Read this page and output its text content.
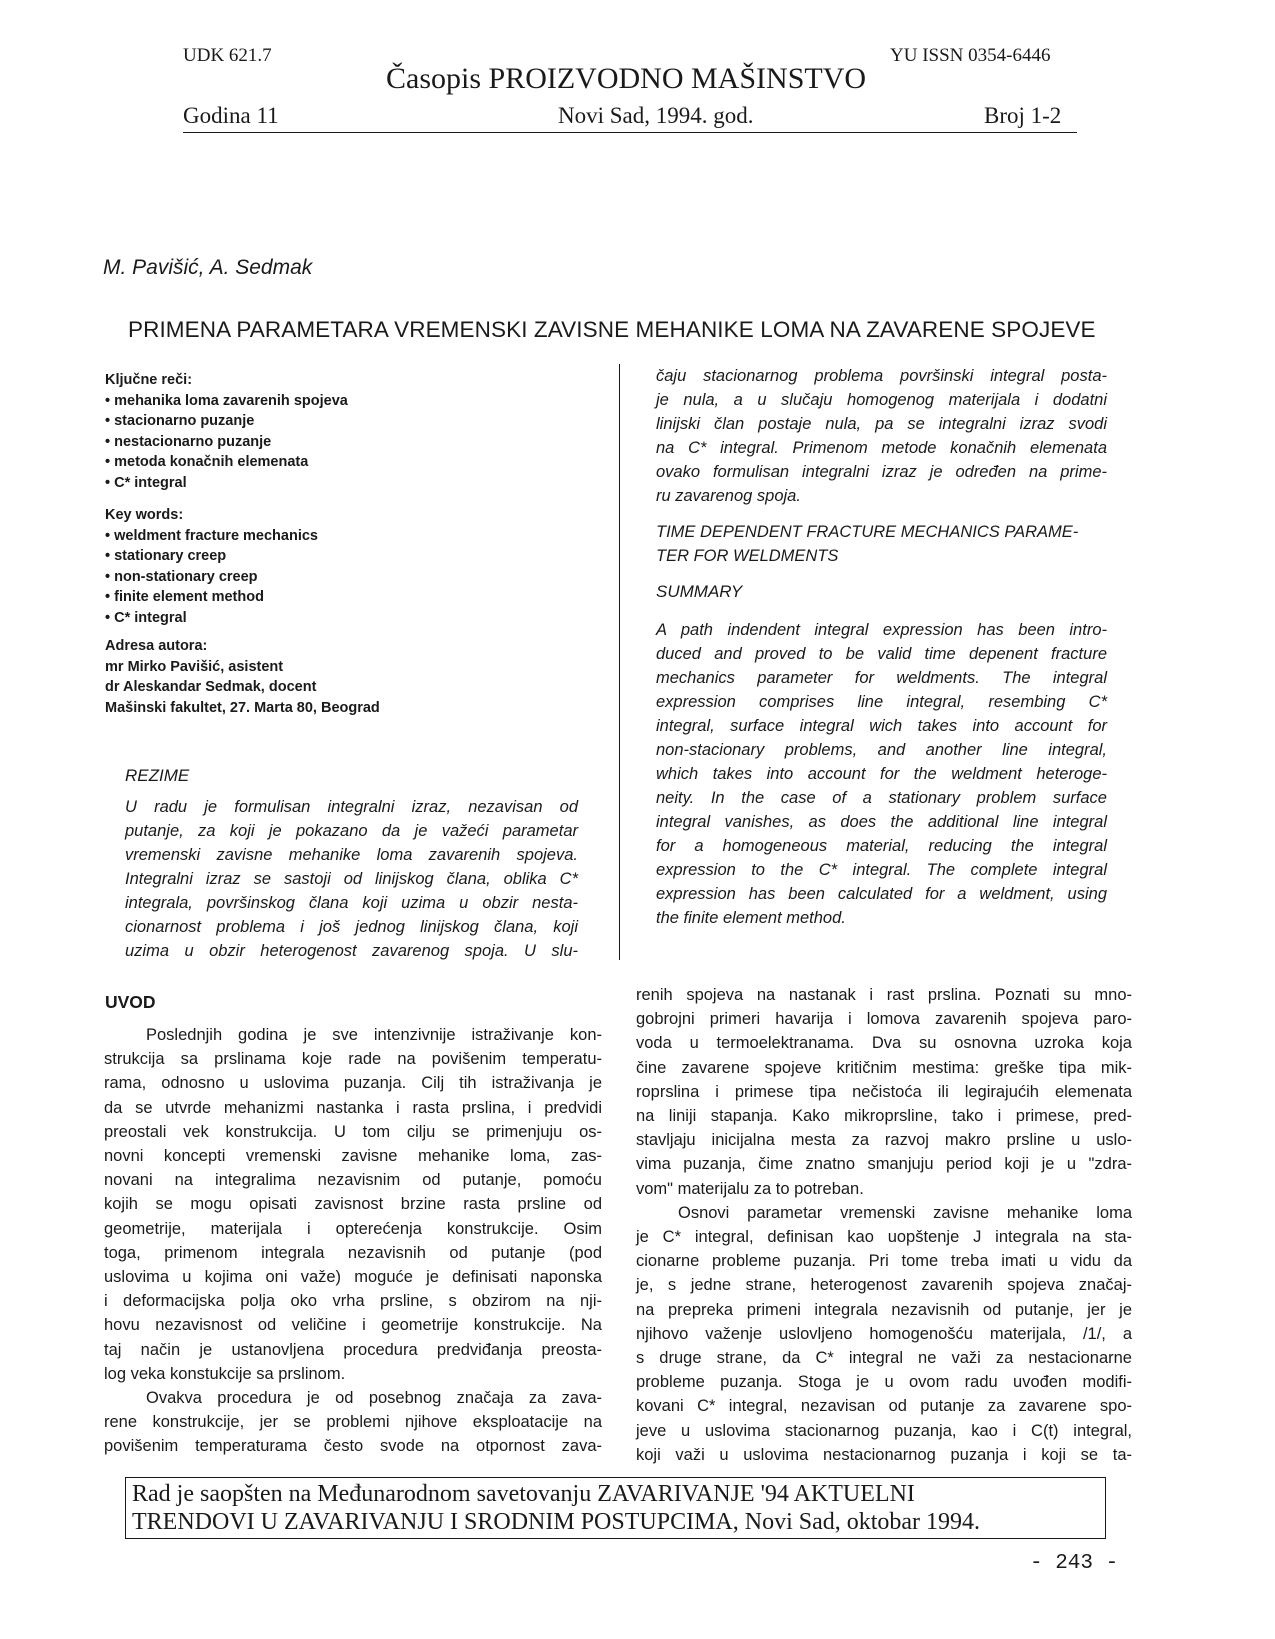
UDK 621.7	YU ISSN 0354-6446
Časopis PROIZVODNO MAŠINSTVO
Godina 11	Novi Sad, 1994. god.	Broj 1-2
M. Pavišić, A. Sedmak
PRIMENA PARAMETARA VREMENSKI ZAVISNE MEHANIKE LOMA NA ZAVARENE SPOJEVE
Ključne reči:
• mehanika loma zavarenih spojeva
• stacionarno puzanje
• nestacionarno puzanje
• metoda konačnih elemenata
• C* integral
Key words:
• weldment fracture mechanics
• stationary creep
• non-stationary creep
• finite element method
• C* integral
Adresa autora:
mr Mirko Pavišić, asistent
dr Aleskandar Sedmak, docent
Mašinski fakultet, 27. Marta 80, Beograd
REZIME
U radu je formulisan integralni izraz, nezavisan od
putanje, za koji je pokazano da je važeći parametar
vremenski zavisne mehanike loma zavarenih spojeva.
Integralni izraz se sastoji od linijskog člana, oblika C*
integrala, površinskog člana koji uzima u obzir nesta-
cionarnost problema i još jednog linijskog člana, koji
uzima u obzir heterogenost zavarenog spoja. U slu-
čaju stacionarnog problema površinski integral posta-
je nula, a u slučaju homogenog materijala i dodatni
linijski član postaje nula, pa se integralni izraz svodi
na C* integral. Primenom metode konačnih elemenata
ovako formulisan integralni izraz je određen na prime-
ru zavarenog spoja.
TIME DEPENDENT FRACTURE MECHANICS PARAME-
TER FOR WELDMENTS
SUMMARY
A path indendent integral expression has been intro-
duced and proved to be valid time depenent fracture
mechanics parameter for weldments. The integral
expression comprises line integral, resembing C*
integral, surface integral wich takes into account for
non-stacionary problems, and another line integral,
which takes into account for the weldment heteroge-
neity. In the case of a stationary problem surface
integral vanishes, as does the additional line integral
for a homogeneous material, reducing the integral
expression to the C* integral. The complete integral
expression has been calculated for a weldment, using
the finite element method.
UVOD
Poslednjih godina je sve intenzivnije istraživanje kon-
strukcija sa prslinama koje rade na povišenim temperatu-
rama, odnosno u uslovima puzanja. Cilj tih istraživanja je
da se utvrde mehanizmi nastanka i rasta prslina, i predvidi
preostali vek konstrukcija. U tom cilju se primenjuju os-
novni koncepti vremenski zavisne mehanike loma, zas-
novani na integralima nezavisnim od putanje, pomoću
kojih se mogu opisati zavisnost brzine rasta prsline od
geometrije, materijala i opterećenja konstrukcije. Osim
toga, primenom integrala nezavisnih od putanje (pod
uslovima u kojima oni važe) moguće je definisati naponska
i deformacijska polja oko vrha prsline, s obzirom na nji-
hovu nezavisnost od veličine i geometrije konstrukcije. Na
taj način je ustanovljena procedura predviđanja preosta-
log veka konstukcije sa prslinom.
Ovakva procedura je od posebnog značaja za zava-
rene konstrukcije, jer se problemi njihove eksploatacije na
povišenim temperaturama često svode na otpornost zava-
renih spojeva na nastanak i rast prslina. Poznati su mno-
gobrojni primeri havarija i lomova zavarenih spojeva paro-
voda u termoelektranama. Dva su osnovna uzroka koja
čine zavarene spojeve kritičnim mestima: greške tipa mik-
roprslina i primese tipa nečistoća ili legirajućih elemenata
na liniji stapanja. Kako mikroprsline, tako i primese, pred-
stavljaju inicijalna mesta za razvoj makro prsline u uslo-
vima puzanja, čime znatno smanjuju period koji je u "zdra-
vom" materijalu za to potreban.
Osnovi parametar vremenski zavisne mehanike loma
je C* integral, definisan kao uopštenje J integrala na sta-
cionarne probleme puzanja. Pri tome treba imati u vidu da
je, s jedne strane, heterogenost zavarenih spojeva značaj-
na prepreka primeni integrala nezavisnih od putanje, jer je
njihovo važenje uslovljeno homogenošću materijala, /1/, a
s druge strane, da C* integral ne važi za nestacionarne
probleme puzanja. Stoga je u ovom radu uvođen modifi-
kovani C* integral, nezavisan od putanje za zavarene spo-
jeve u uslovima stacionarnog puzanja, kao i C(t) integral,
koji važi u uslovima nestacionarnog puzanja i koji se ta-
Rad je saopšten na Međunarodnom savetovanju ZAVARIVANJE '94 AKTUELNI
TRENDOVI U ZAVARIVANJU I SRODNIM POSTUPCIMA, Novi Sad, oktobar 1994.
- 243 -
